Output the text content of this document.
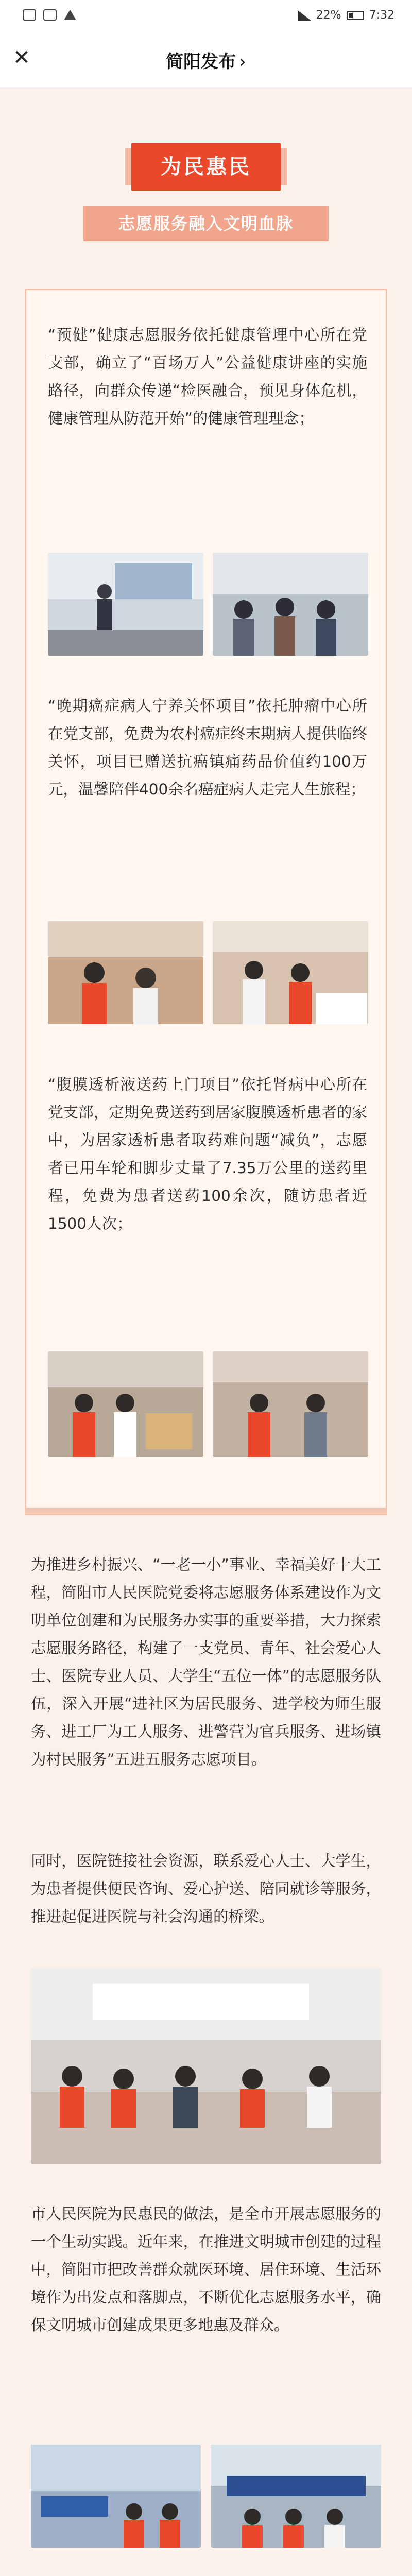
22% 7:32
✕	简阳发布 ›
为民惠民
志愿服务融入文明血脉
“预健”健康志愿服务依托健康管理中心所在党支部，确立了“百场万人”公益健康讲座的实施路径，向群众传递“检医融合，预见身体危机，健康管理从防范开始”的健康管理理念；
“晚期癌症病人宁养关怀项目”依托肿瘤中心所在党支部，免费为农村癌症终末期病人提供临终关怀，项目已赠送抗癌镇痛药品价值约100万元，温馨陪伴400余名癌症病人走完人生旅程；
“腹膜透析液送药上门项目”依托肾病中心所在党支部，定期免费送药到居家腹膜透析患者的家中，为居家透析患者取药难问题“减负”，志愿者已用车轮和脚步丈量了7.35万公里的送药里程，免费为患者送药100余次，随访患者近1500人次；
为推进乡村振兴、“一老一小”事业、幸福美好十大工程，简阳市人民医院党委将志愿服务体系建设作为文明单位创建和为民服务办实事的重要举措，大力探索志愿服务路径，构建了一支党员、青年、社会爱心人士、医院专业人员、大学生“五位一体”的志愿服务队伍，深入开展“进社区为居民服务、进学校为师生服务、进工厂为工人服务、进警营为官兵服务、进场镇为村民服务”五进五服务志愿项目。
同时，医院链接社会资源，联系爱心人士、大学生，为患者提供便民咨询、爱心护送、陪同就诊等服务，推进起促进医院与社会沟通的桥梁。
市人民医院为民惠民的做法，是全市开展志愿服务的一个生动实践。近年来，在推进文明城市创建的过程中，简阳市把改善群众就医环境、居住环境、生活环境作为出发点和落脚点，不断优化志愿服务水平，确保文明城市创建成果更多地惠及群众。
